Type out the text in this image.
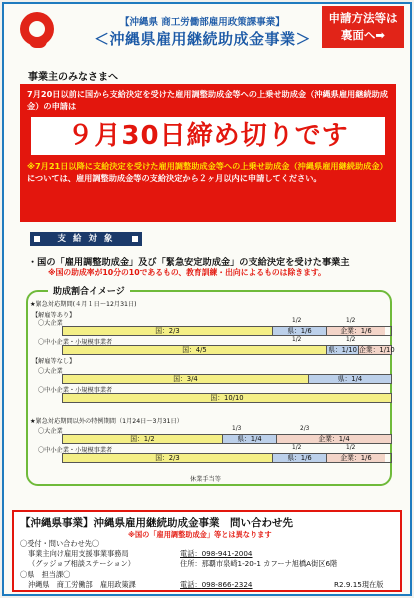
【沖縄県 商工労働部雇用政策課事業】
＜沖縄県雇用継続助成金事業＞
申請方法等は
裏面へ➡
事業主のみなさまへ
7月20日以前に国から支給決定を受けた雇用調整助成金等への上乗せ助成金（沖縄県雇用継続助成金）の申請は
９月30日締め切りです
※7月21日以降に支給決定を受けた雇用調整助成金等への上乗せ助成金（沖縄県雇用継続助成金）については、雇用調整助成金等の支給決定から２ヶ月以内に申請してください。
支 給 対 象
・国の「雇用調整助成金」及び「緊急安定助成金」の支給決定を受けた事業主
※国の助成率が10分の10であるもの、教育訓練・出向によるものは除きます。
助成割合イメージ
★緊急対応期間(４月１日～12月31日)
【解雇等あり】
〇大企業
〇中小企業・小規模事業者
【解雇等なし】
〇大企業
〇中小企業・小規模事業者
★緊急対応期間以外の特例期間（1月24日～3月31日）
〇大企業
〇中小企業・小規模事業者
休業手当等
国：2/3	県：1/6	企業：1/6
1/2	1/2
国：4/5	県：1/10 企業：1/10
1/2	1/2
国：3/4	県：1/4
国：10/10
国：1/2	県：1/4	企業：1/4
1/3	2/3
国：2/3	県：1/6	企業：1/6
1/2	1/2
【沖縄県事業】沖縄県雇用継続助成金事業　問い合わせ先
※国の「雇用調整助成金」等とは異なります
〇受付・問い合わせ先〇
事業主向け雇用支援事業事務局
（グッジョブ相談ステーション）
電話：098-941-2004
住所：那覇市泉崎1-20-1 カフーナ旭橋A街区6階
〇県　担当課〇
沖縄県　商工労働部　雇用政策課	電話：098-866-2324	R2.9.15現在版
